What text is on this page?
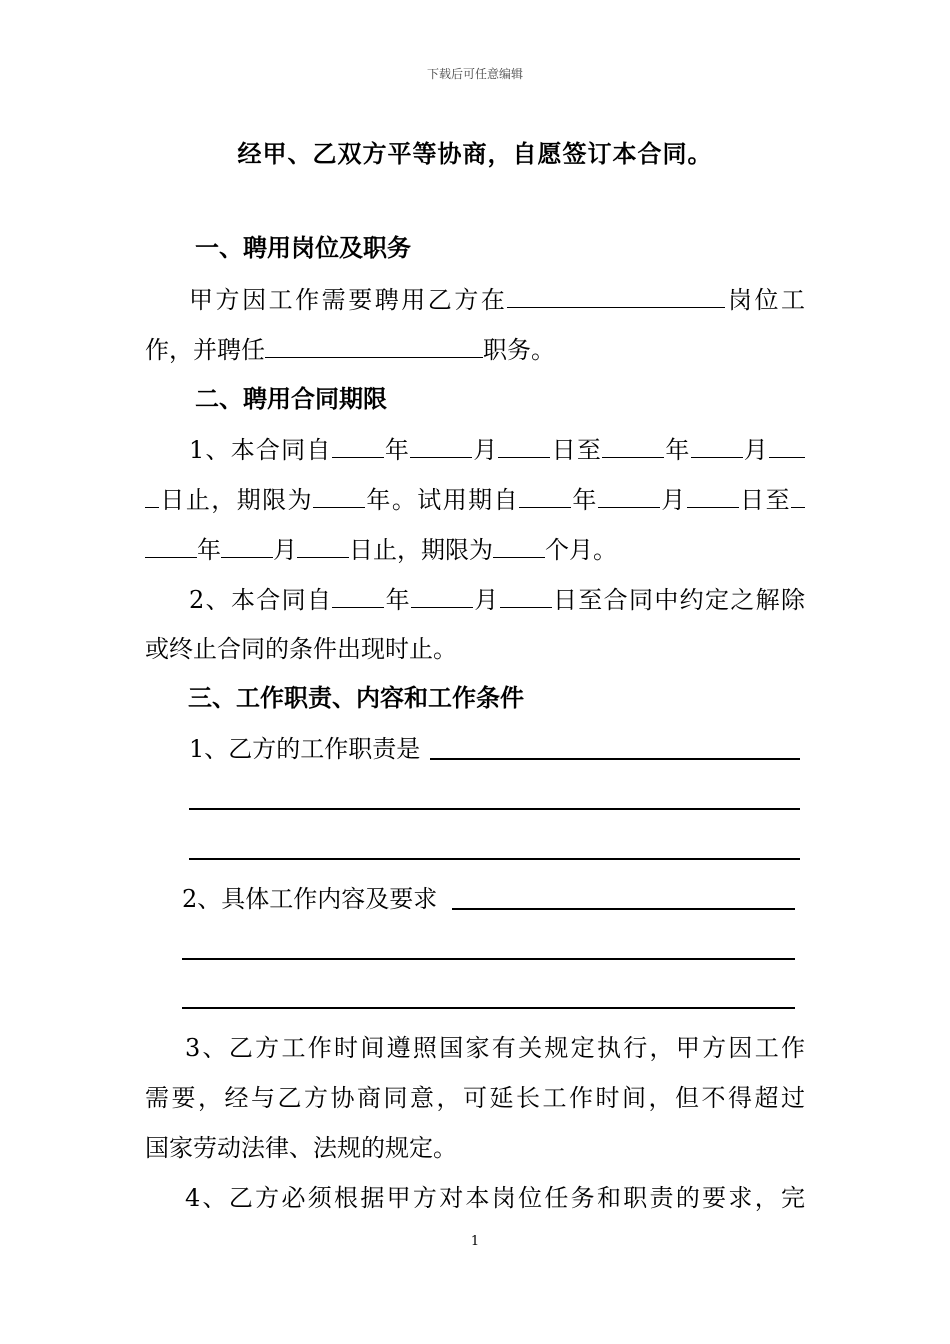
下载后可任意编辑
经甲、乙双方平等协商，自愿签订本合同。
一、聘用岗位及职务
甲方因工作需要聘用乙方在	岗位工
作，并聘任	职务。
二、聘用合同期限
1、本合同自 年	月 日至	年 月
日止，期限为 年。试用期自 年	月 日至
年 月 日止，期限为 个月。
2、本合同自 年	月 日至合同中约定之解除
或终止合同的条件出现时止。
三、工作职责、内容和工作条件
1、乙方的工作职责是
2、具体工作内容及要求
3、乙方工作时间遵照国家有关规定执行，甲方因工作
需要，经与乙方协商同意，可延长工作时间，但不得超过
国家劳动法律、法规的规定。
4、乙方必须根据甲方对本岗位任务和职责的要求，完
1
